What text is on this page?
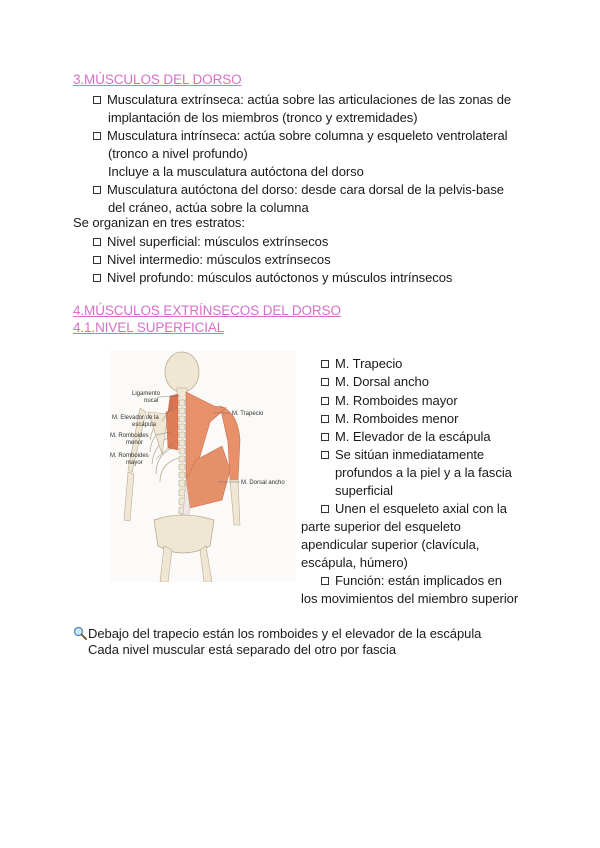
3.MÚSCULOS DEL DORSO
Musculatura extrínseca: actúa sobre las articulaciones de las zonas de
implantación de los miembros (tronco y extremidades)
Musculatura intrínseca: actúa sobre columna y esqueleto ventrolateral
(tronco a nivel profundo)
Incluye a la musculatura autóctona del dorso
Musculatura autóctona del dorso: desde cara dorsal de la pelvis-base
del cráneo, actúa sobre la columna
Se organizan en tres estratos:
Nivel superficial: músculos extrínsecos
Nivel intermedio: músculos extrínsecos
Nivel profundo: músculos autóctonos y músculos intrínsecos
4.MÚSCULOS EXTRÍNSECOS DEL DORSO
4.1.NIVEL SUPERFICIAL
Ligamento
nucal
M. Elevador de la
escápula
M. Romboides
menor
M. Romboides
mayor
M. Trapecio
M. Dorsal ancho
M. Trapecio
M. Dorsal ancho
M. Romboides mayor
M. Romboides menor
M. Elevador de la escápula
Se sitúan inmediatamente
profundos a la piel y a la fascia
superficial
Unen el esqueleto axial con la
parte superior del esqueleto
apendicular superior (clavícula,
escápula, húmero)
Función: están implicados en
los movimientos del miembro superior
Debajo del trapecio están los romboides y el elevador de la escápula
Cada nivel muscular está separado del otro por fascia
